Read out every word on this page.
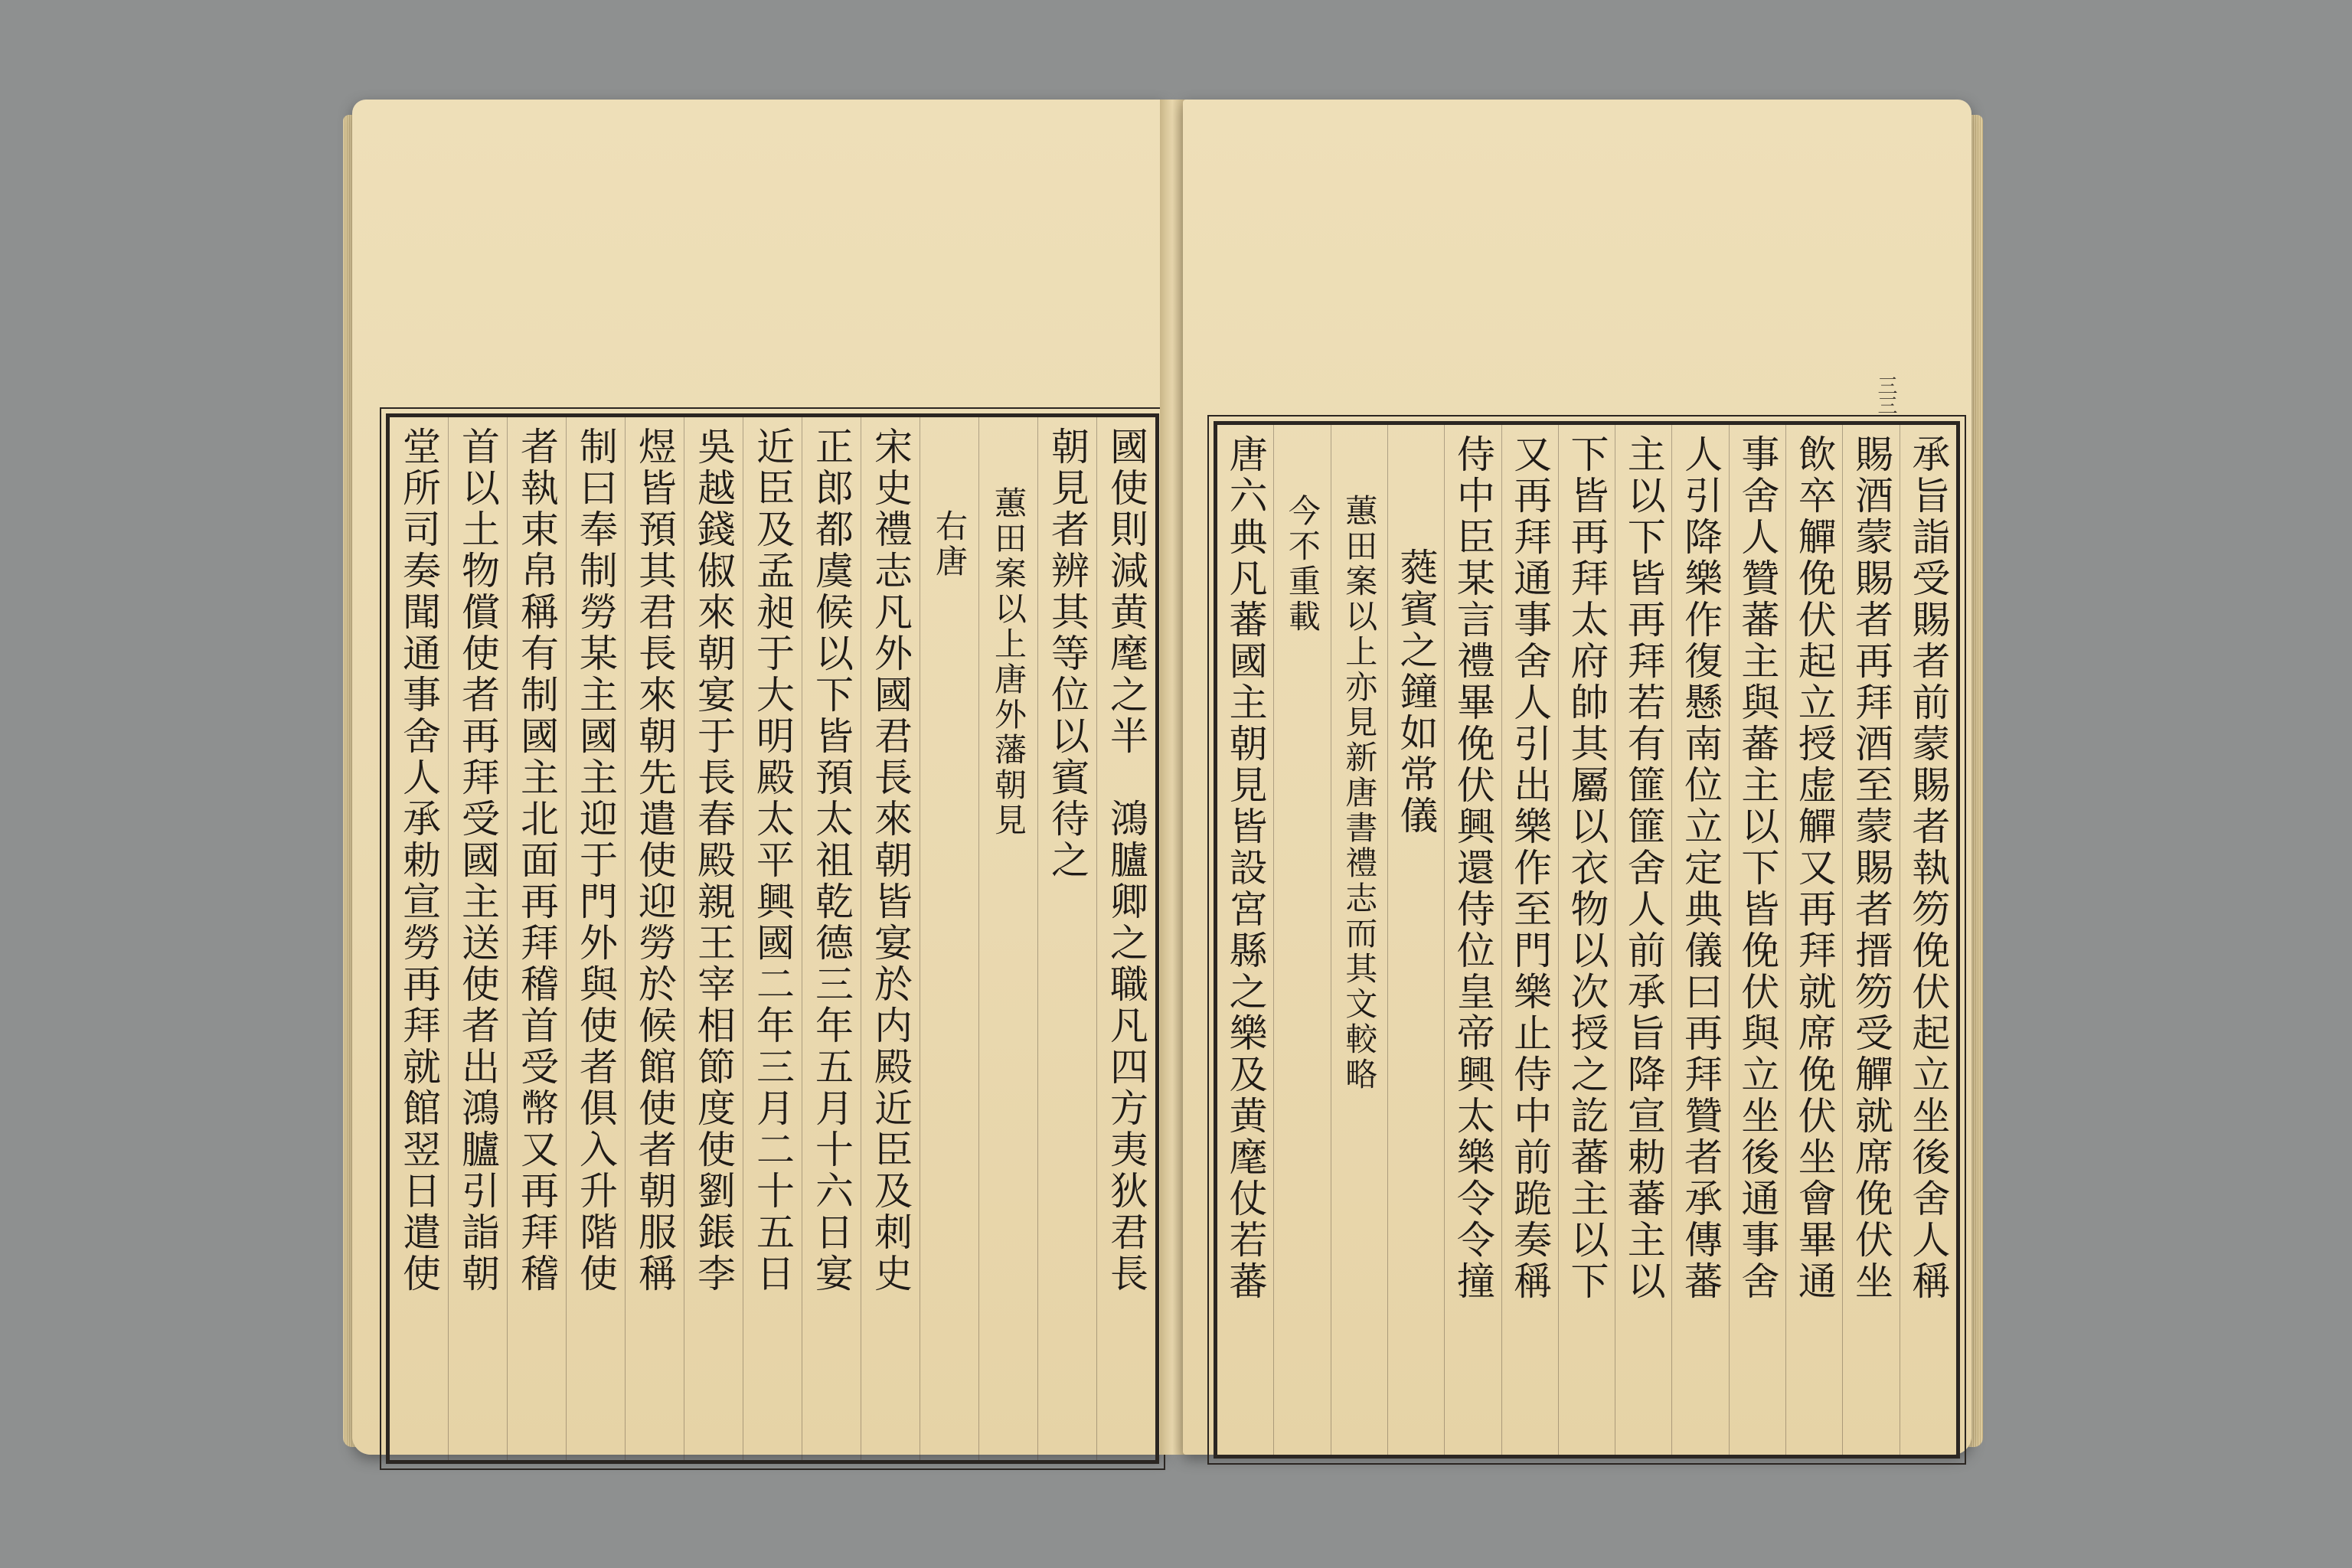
國使則減黄麾之半　鴻臚卿之職凡四方夷狄君長
朝見者辨其等位以賓待之
蕙田案以上唐外藩朝見
右唐
宋史禮志凡外國君長來朝皆宴於内殿近臣及刺史
正郎都虞候以下皆預太祖乾德三年五月十六日宴
近臣及孟昶于大明殿太平興國二年三月二十五日
吳越錢俶來朝宴于長春殿親王宰相節度使劉鋹李
煜皆預其君長來朝先遣使迎勞於候館使者朝服稱
制曰奉制勞某主國主迎于門外與使者俱入升階使
者執束帛稱有制國主北面再拜稽首受幣又再拜稽
首以土物償使者再拜受國主送使者出鴻臚引詣朝
堂所司奏聞通事舍人承勅宣勞再拜就館翌日遣使
三三
承旨詣受賜者前蒙賜者執笏俛伏起立坐後舍人稱
賜酒蒙賜者再拜酒至蒙賜者搢笏受觶就席俛伏坐
飲卒觶俛伏起立授虚觶又再拜就席俛伏坐會畢通
事舍人贊蕃主與蕃主以下皆俛伏與立坐後通事舍
人引降樂作復懸南位立定典儀曰再拜贊者承傳蕃
主以下皆再拜若有篚篚舍人前承旨降宣勅蕃主以
下皆再拜太府帥其屬以衣物以次授之訖蕃主以下
又再拜通事舍人引出樂作至門樂止侍中前跪奏稱
侍中臣某言禮畢俛伏興還侍位皇帝興太樂令令撞
蕤賓之鐘如常儀
蕙田案以上亦見新唐書禮志而其文較略
今不重載
唐六典凡蕃國主朝見皆設宮縣之樂及黄麾仗若蕃
